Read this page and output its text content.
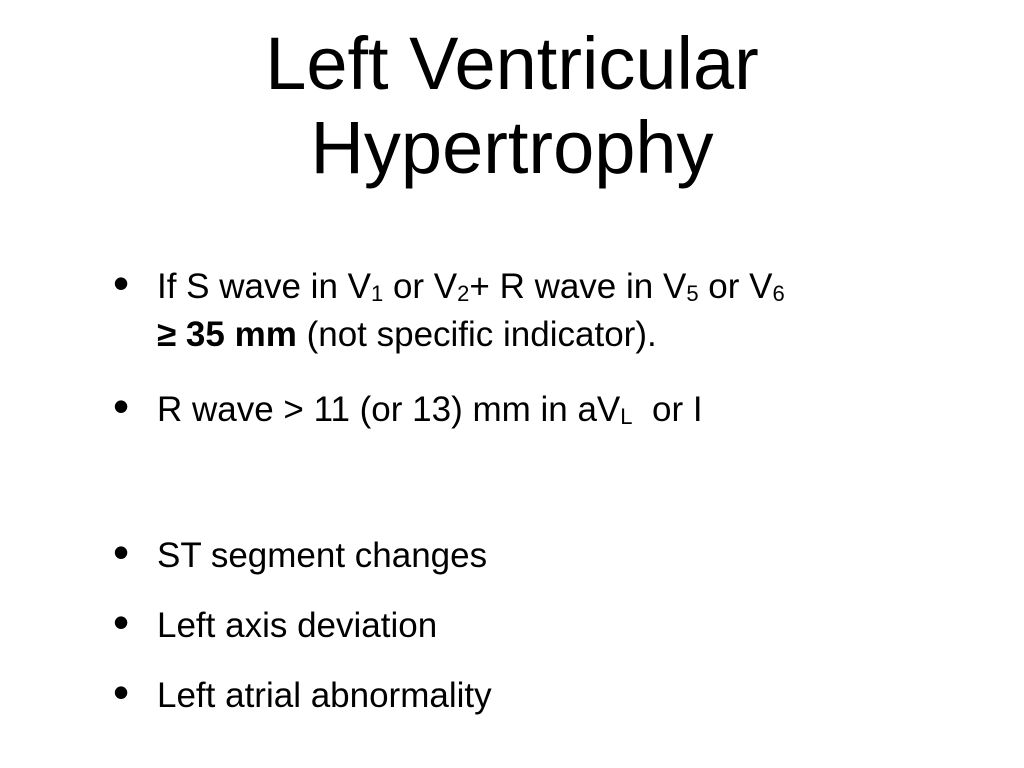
Left Ventricular
Hypertrophy
• If S wave in V1 or V2+ R wave in V5 or V6
≥ 35 mm (not specific indicator).
• R wave > 11 (or 13) mm in aVL  or I
• ST segment changes
• Left axis deviation
• Left atrial abnormality
